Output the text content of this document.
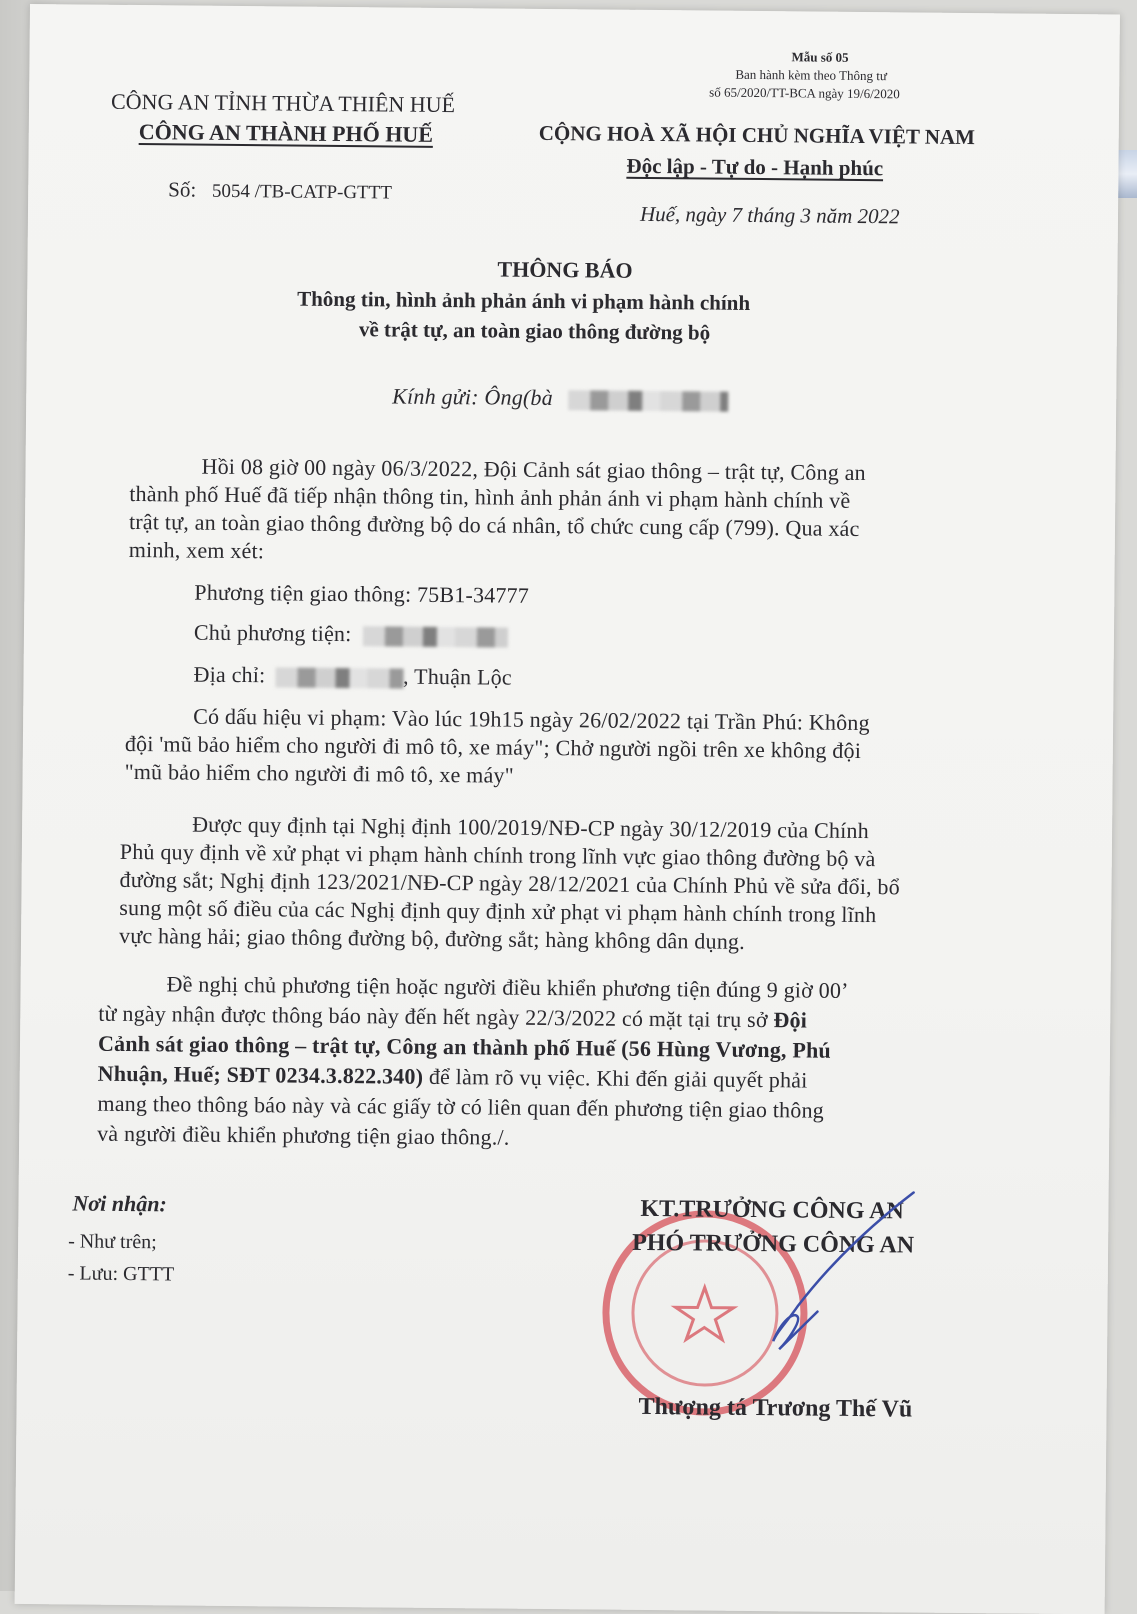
Mẫu số 05
Ban hành kèm theo Thông tư
số 65/2020/TT-BCA ngày 19/6/2020
CÔNG AN TỈNH THỪA THIÊN HUẾ
CÔNG AN THÀNH PHỐ HUẾ
Số: 5054 /TB-CATP-GTTT
CỘNG HOÀ XÃ HỘI CHỦ NGHĨA VIỆT NAM
Độc lập - Tự do - Hạnh phúc
Huế, ngày 7 tháng 3 năm 2022
THÔNG BÁO
Thông tin, hình ảnh phản ánh vi phạm hành chính
về trật tự, an toàn giao thông đường bộ
Kính gửi: Ông(bà
Hồi 08 giờ 00 ngày 06/3/2022, Đội Cảnh sát giao thông – trật tự, Công an
thành phố Huế đã tiếp nhận thông tin, hình ảnh phản ánh vi phạm hành chính về
trật tự, an toàn giao thông đường bộ do cá nhân, tổ chức cung cấp (799). Qua xác
minh, xem xét:
Phương tiện giao thông: 75B1-34777
Chủ phương tiện:
Địa chỉ:	, Thuận Lộc
Có dấu hiệu vi phạm: Vào lúc 19h15 ngày 26/02/2022 tại Trần Phú: Không
đội 'mũ bảo hiểm cho người đi mô tô, xe máy"; Chở người ngồi trên xe không đội
"mũ bảo hiểm cho người đi mô tô, xe máy"
Được quy định tại Nghị định 100/2019/NĐ-CP ngày 30/12/2019 của Chính
Phủ quy định về xử phạt vi phạm hành chính trong lĩnh vực giao thông đường bộ và
đường sắt; Nghị định 123/2021/NĐ-CP ngày 28/12/2021 của Chính Phủ về sửa đổi, bổ
sung một số điều của các Nghị định quy định xử phạt vi phạm hành chính trong lĩnh
vực hàng hải; giao thông đường bộ, đường sắt; hàng không dân dụng.
Đề nghị chủ phương tiện hoặc người điều khiển phương tiện đúng 9 giờ 00’
từ ngày nhận được thông báo này đến hết ngày 22/3/2022 có mặt tại trụ sở Đội
Cảnh sát giao thông – trật tự, Công an thành phố Huế (56 Hùng Vương, Phú
Nhuận, Huế; SĐT 0234.3.822.340) để làm rõ vụ việc. Khi đến giải quyết phải
mang theo thông báo này và các giấy tờ có liên quan đến phương tiện giao thông
và người điều khiển phương tiện giao thông./.
Nơi nhận:
- Như trên;
- Lưu: GTTT
KT.TRƯỞNG CÔNG AN
PHÓ TRƯỞNG CÔNG AN
Thượng tá Trương Thế Vũ
